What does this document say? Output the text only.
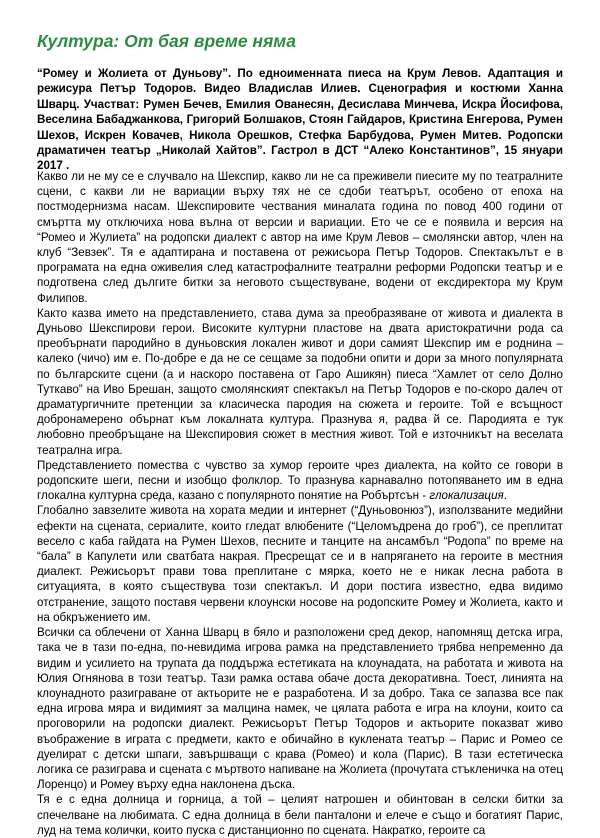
Култура: От бая време няма

“Ромеу и Жолиета от Дуньову”. По едноименната пиеса на Крум Левов. Адаптация и режисура Петър Тодоров. Видео Владислав Илиев. Сценография и костюми Ханна Шварц. Участват: Румен Бечев, Емилия Ованесян, Десислава Минчева, Искра Йосифова, Веселина Бабаджанкова, Григорий Болшаков, Стоян Гайдаров, Кристина Енгерова, Румен Шехов, Искрен Ковачев, Никола Орешков, Стефка Барбудова, Румен Митев. Родопски драматичен театър „Николай Хайтов”. Гастрол в ДСТ “Алеко Константинов”, 15 януари 2017 .

Какво ли не му се е случвало на Шекспир, какво ли не са преживели пиесите му по театралните сцени, с какви ли не вариации върху тях не се сдоби театърът, особено от епоха на постмодернизма насам. Шекспировите чествания миналата година по повод 400 години от смъртта му отключиха нова вълна от версии и вариации. Ето че се е появила и версия на “Ромео и Жулиета” на родопски диалект с автор на име Крум Левов – смолянски автор, член на клуб “Зевзек”. Тя е адаптирана и поставена от режисьора Петър Тодоров. Спектакълът е в програмата на една оживелия след катастрофалните театрални реформи Родопски театър и е подготвена след дългите битки за неговото съществуване, водени от ексдиректора му Крум Филипов.

Както казва името на представлението, става дума за преобразяване от живота и диалекта в Дуньово Шекспирови герои. Високите културни пластове на двата аристократични рода са преобърнати пародийно в дуньовския локален живот и дори самият Шекспир им е роднина – калеко (чичо) им е. По-добре е да не се сещаме за подобни опити и дори за много популярната по българските сцени (а и наскоро поставена от Гаро Ашикян) пиеса “Хамлет от село Долно Туткаво” на Иво Брешан, защото смолянският спектакъл на Петър Тодоров е по-скоро далеч от драматургичните претенции за класическа пародия на сюжета и героите. Той е всъщност добронамерено обърнат към локалната култура. Празнува я, радва й се. Пародията е тук любовно преобръщане на Шекспировия сюжет в местния живот. Той е източникът на веселата театрална игра.

Представлението помества с чувство за хумор героите чрез диалекта, на който се говори в родопските шеги, песни и изобщо фолклор. То празнува карнавално потопяването им в една глокална културна среда, казано с популярното понятие на Робъртсън - глокализация.

Глобално завзелите живота на хората медии и интернет (“Дуньовонюз”), използваните медийни ефекти на сцената, сериалите, които гледат влюбените (“Целомъдрена до гроб”), се преплитат весело с каба гайдата на Румен Шехов, песните и танците на ансамбъл “Родопа” по време на “бала” в Капулети или сватбата накрая. Пресрещат се и в напрягането на героите в местния диалект. Режисьорът прави това преплитане с мярка, което не е никак лесна работа в ситуацията, в която съществува този спектакъл. И дори постига известно, едва видимо отстранение, защото поставя червени клоунски носове на родопските Ромеу и Жолиета, както и на обкръжението им.

Всички са облечени от Ханна Шварц в бяло и разположени сред декор, напомнящ детска игра, така че в тази по-една, по-невидима игрова рамка на представлението трябва непременно да видим и усилието на трупата да поддържа естетиката на клоунадата, на работата и живота на Юлия Огнянова в този театър. Тази рамка остава обаче доста декоративна. Тоест, линията на клоунадното разиграване от актьорите не е разработена. И за добро. Така се запазва все пак една игрова мяра и видимият за малцина намек, че цялата работа е игра на клоуни, които са проговорили на родопски диалект. Режисьорът Петър Тодоров и актьорите показват живо въображение в играта с предмети, както е обичайно в куклената театър – Парис и Ромео се дуелират с детски шпаги, завършващи с крава (Ромео) и кола (Парис). В тази естетическа логика се разиграва и сцената с мъртвото напиване на Жолиета (прочутата стъкленичка на отец Лоренцо) и Ромеу върху една наклонена дъска.

Тя е с една долница и горница, а той – целият натрошен и обинтован в селски битки за спечелване на любимата. С една долница в бели панталони и елече е също и богатият Парис, луд на тема колички, които пуска с дистанционно по сцената. Накратко, героите са
